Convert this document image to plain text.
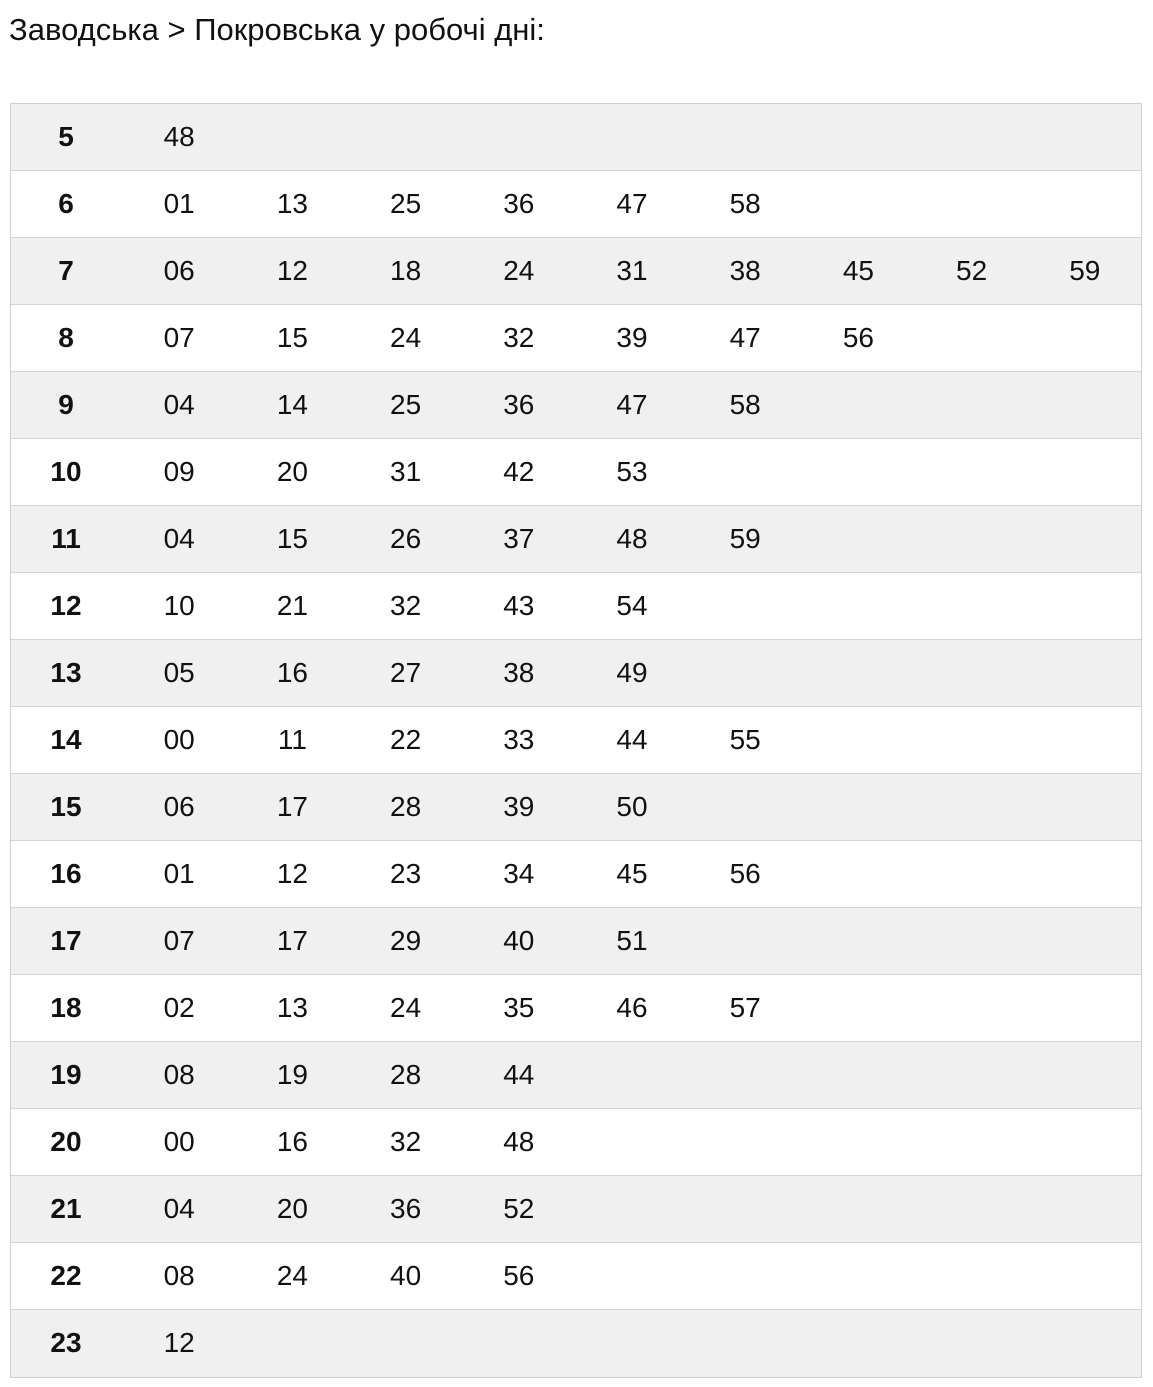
Заводська > Покровська у робочі дні:
5	48
6	01	13	25	36	47	58
7	06	12	18	24	31	38	45	52	59
8	07	15	24	32	39	47	56
9	04	14	25	36	47	58
10	09	20	31	42	53
11	04	15	26	37	48	59
12	10	21	32	43	54
13	05	16	27	38	49
14	00	11	22	33	44	55
15	06	17	28	39	50
16	01	12	23	34	45	56
17	07	17	29	40	51
18	02	13	24	35	46	57
19	08	19	28	44
20	00	16	32	48
21	04	20	36	52
22	08	24	40	56
23	12
